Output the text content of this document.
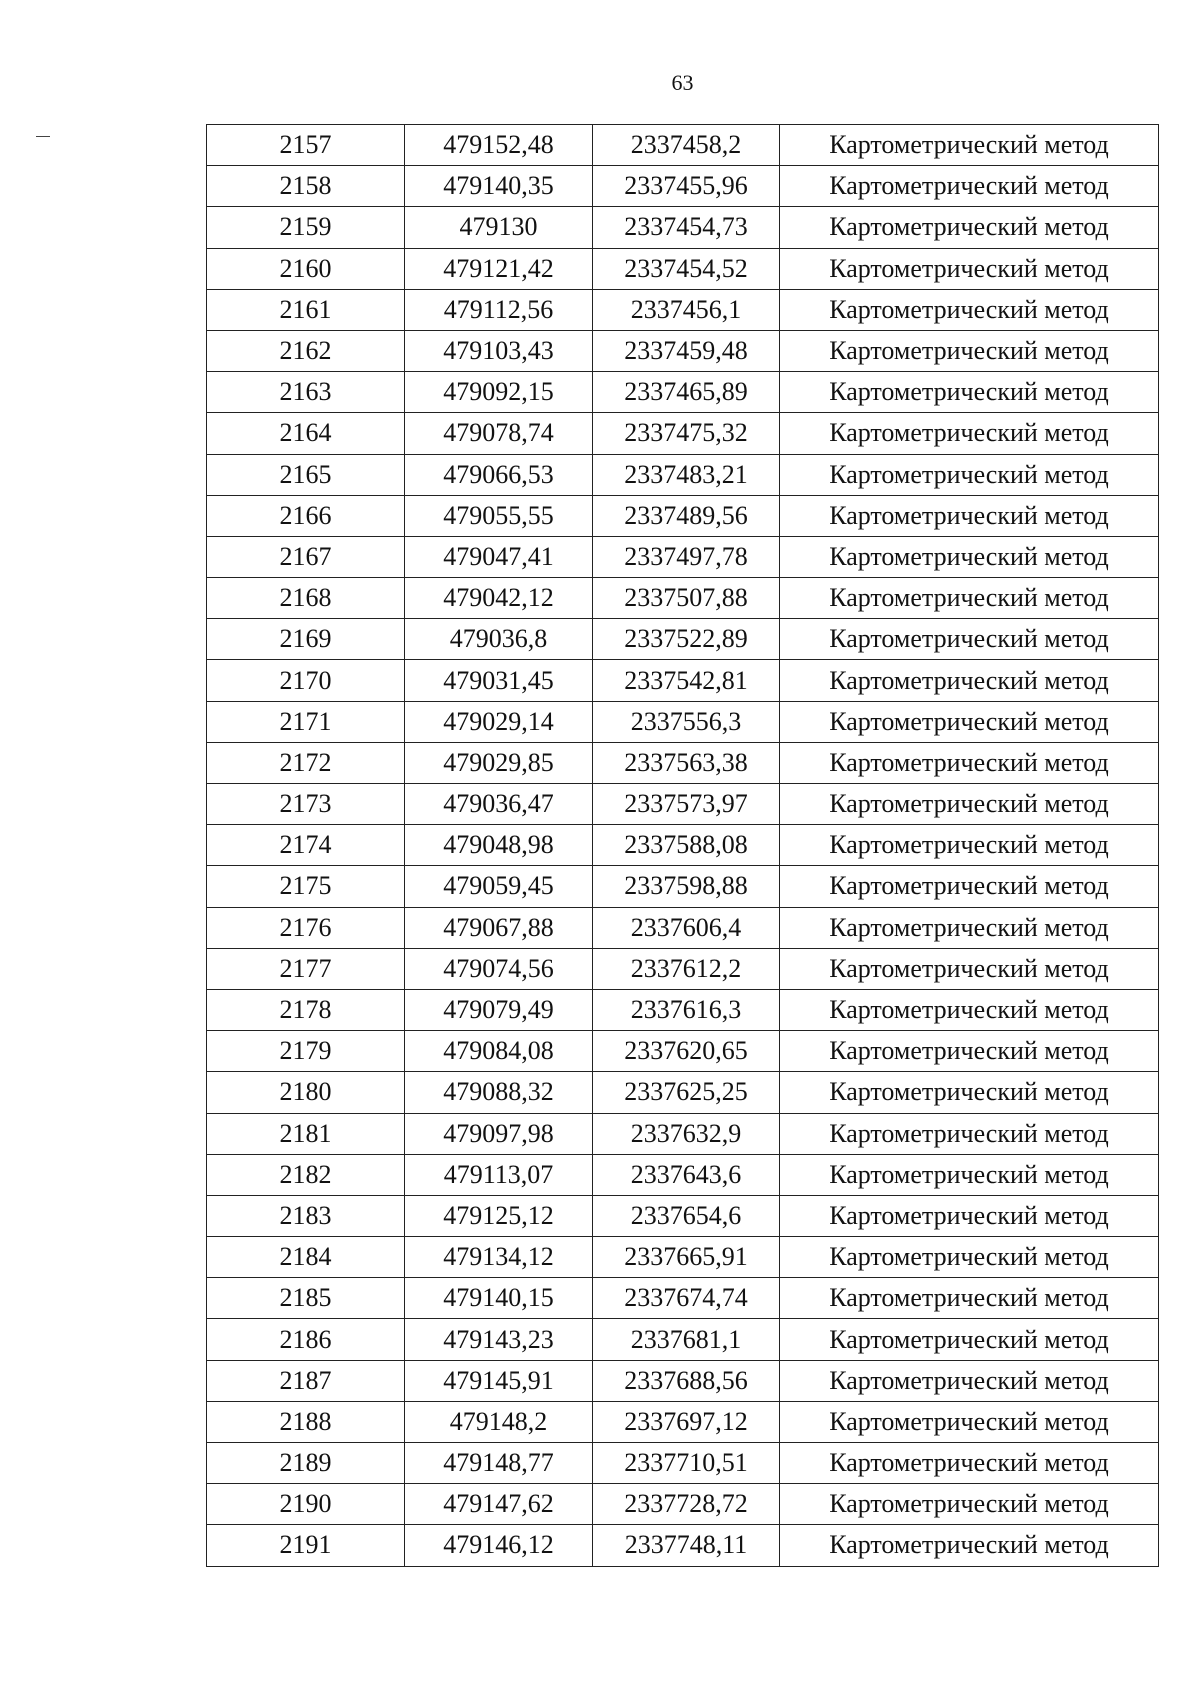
63
2157	479152,48	2337458,2	Картометрический метод
2158	479140,35	2337455,96	Картометрический метод
2159	479130	2337454,73	Картометрический метод
2160	479121,42	2337454,52	Картометрический метод
2161	479112,56	2337456,1	Картометрический метод
2162	479103,43	2337459,48	Картометрический метод
2163	479092,15	2337465,89	Картометрический метод
2164	479078,74	2337475,32	Картометрический метод
2165	479066,53	2337483,21	Картометрический метод
2166	479055,55	2337489,56	Картометрический метод
2167	479047,41	2337497,78	Картометрический метод
2168	479042,12	2337507,88	Картометрический метод
2169	479036,8	2337522,89	Картометрический метод
2170	479031,45	2337542,81	Картометрический метод
2171	479029,14	2337556,3	Картометрический метод
2172	479029,85	2337563,38	Картометрический метод
2173	479036,47	2337573,97	Картометрический метод
2174	479048,98	2337588,08	Картометрический метод
2175	479059,45	2337598,88	Картометрический метод
2176	479067,88	2337606,4	Картометрический метод
2177	479074,56	2337612,2	Картометрический метод
2178	479079,49	2337616,3	Картометрический метод
2179	479084,08	2337620,65	Картометрический метод
2180	479088,32	2337625,25	Картометрический метод
2181	479097,98	2337632,9	Картометрический метод
2182	479113,07	2337643,6	Картометрический метод
2183	479125,12	2337654,6	Картометрический метод
2184	479134,12	2337665,91	Картометрический метод
2185	479140,15	2337674,74	Картометрический метод
2186	479143,23	2337681,1	Картометрический метод
2187	479145,91	2337688,56	Картометрический метод
2188	479148,2	2337697,12	Картометрический метод
2189	479148,77	2337710,51	Картометрический метод
2190	479147,62	2337728,72	Картометрический метод
2191	479146,12	2337748,11	Картометрический метод
